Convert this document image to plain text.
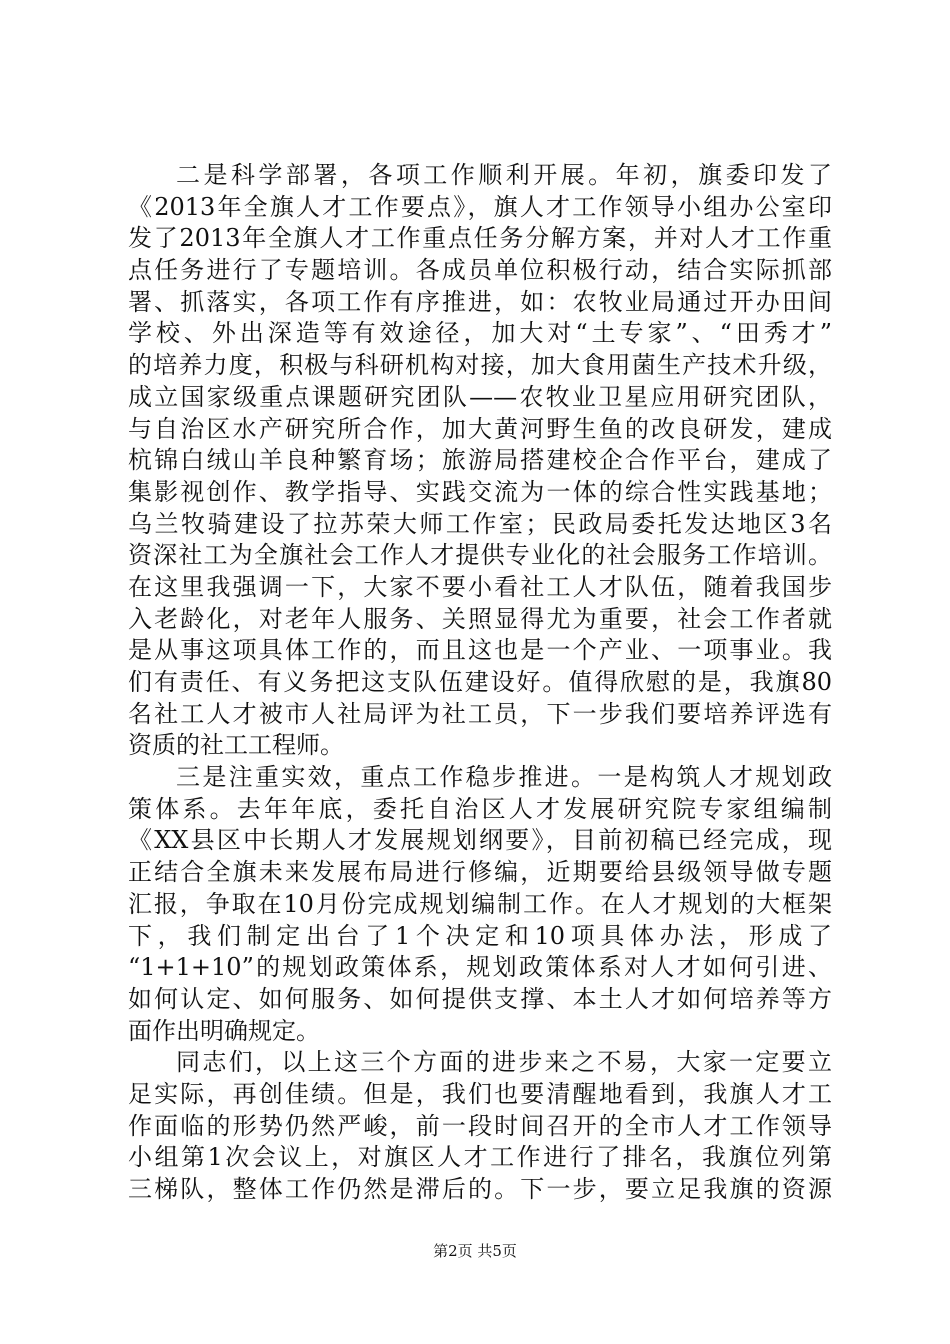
二是科学部署，各项工作顺利开展。年初，旗委印发了
《2013年全旗人才工作要点》，旗人才工作领导小组办公室印
发了2013年全旗人才工作重点任务分解方案，并对人才工作重
点任务进行了专题培训。各成员单位积极行动，结合实际抓部
署、抓落实，各项工作有序推进，如：农牧业局通过开办田间
学校、外出深造等有效途径，加大对“土专家”、“田秀才”
的培养力度，积极与科研机构对接，加大食用菌生产技术升级，
成立国家级重点课题研究团队——农牧业卫星应用研究团队，
与自治区水产研究所合作，加大黄河野生鱼的改良研发，建成
杭锦白绒山羊良种繁育场；旅游局搭建校企合作平台，建成了
集影视创作、教学指导、实践交流为一体的综合性实践基地；
乌兰牧骑建设了拉苏荣大师工作室；民政局委托发达地区3名
资深社工为全旗社会工作人才提供专业化的社会服务工作培训。
在这里我强调一下，大家不要小看社工人才队伍，随着我国步
入老龄化，对老年人服务、关照显得尤为重要，社会工作者就
是从事这项具体工作的，而且这也是一个产业、一项事业。我
们有责任、有义务把这支队伍建设好。值得欣慰的是，我旗80
名社工人才被市人社局评为社工员，下一步我们要培养评选有
资质的社工工程师。
三是注重实效，重点工作稳步推进。一是构筑人才规划政
策体系。去年年底，委托自治区人才发展研究院专家组编制
《XX县区中长期人才发展规划纲要》，目前初稿已经完成，现
正结合全旗未来发展布局进行修编，近期要给县级领导做专题
汇报，争取在10月份完成规划编制工作。在人才规划的大框架
下，我们制定出台了1个决定和10项具体办法，形成了
“1+1+10”的规划政策体系，规划政策体系对人才如何引进、
如何认定、如何服务、如何提供支撑、本土人才如何培养等方
面作出明确规定。
同志们，以上这三个方面的进步来之不易，大家一定要立
足实际，再创佳绩。但是，我们也要清醒地看到，我旗人才工
作面临的形势仍然严峻，前一段时间召开的全市人才工作领导
小组第1次会议上，对旗区人才工作进行了排名，我旗位列第
三梯队，整体工作仍然是滞后的。下一步，要立足我旗的资源
第2页 共5页
